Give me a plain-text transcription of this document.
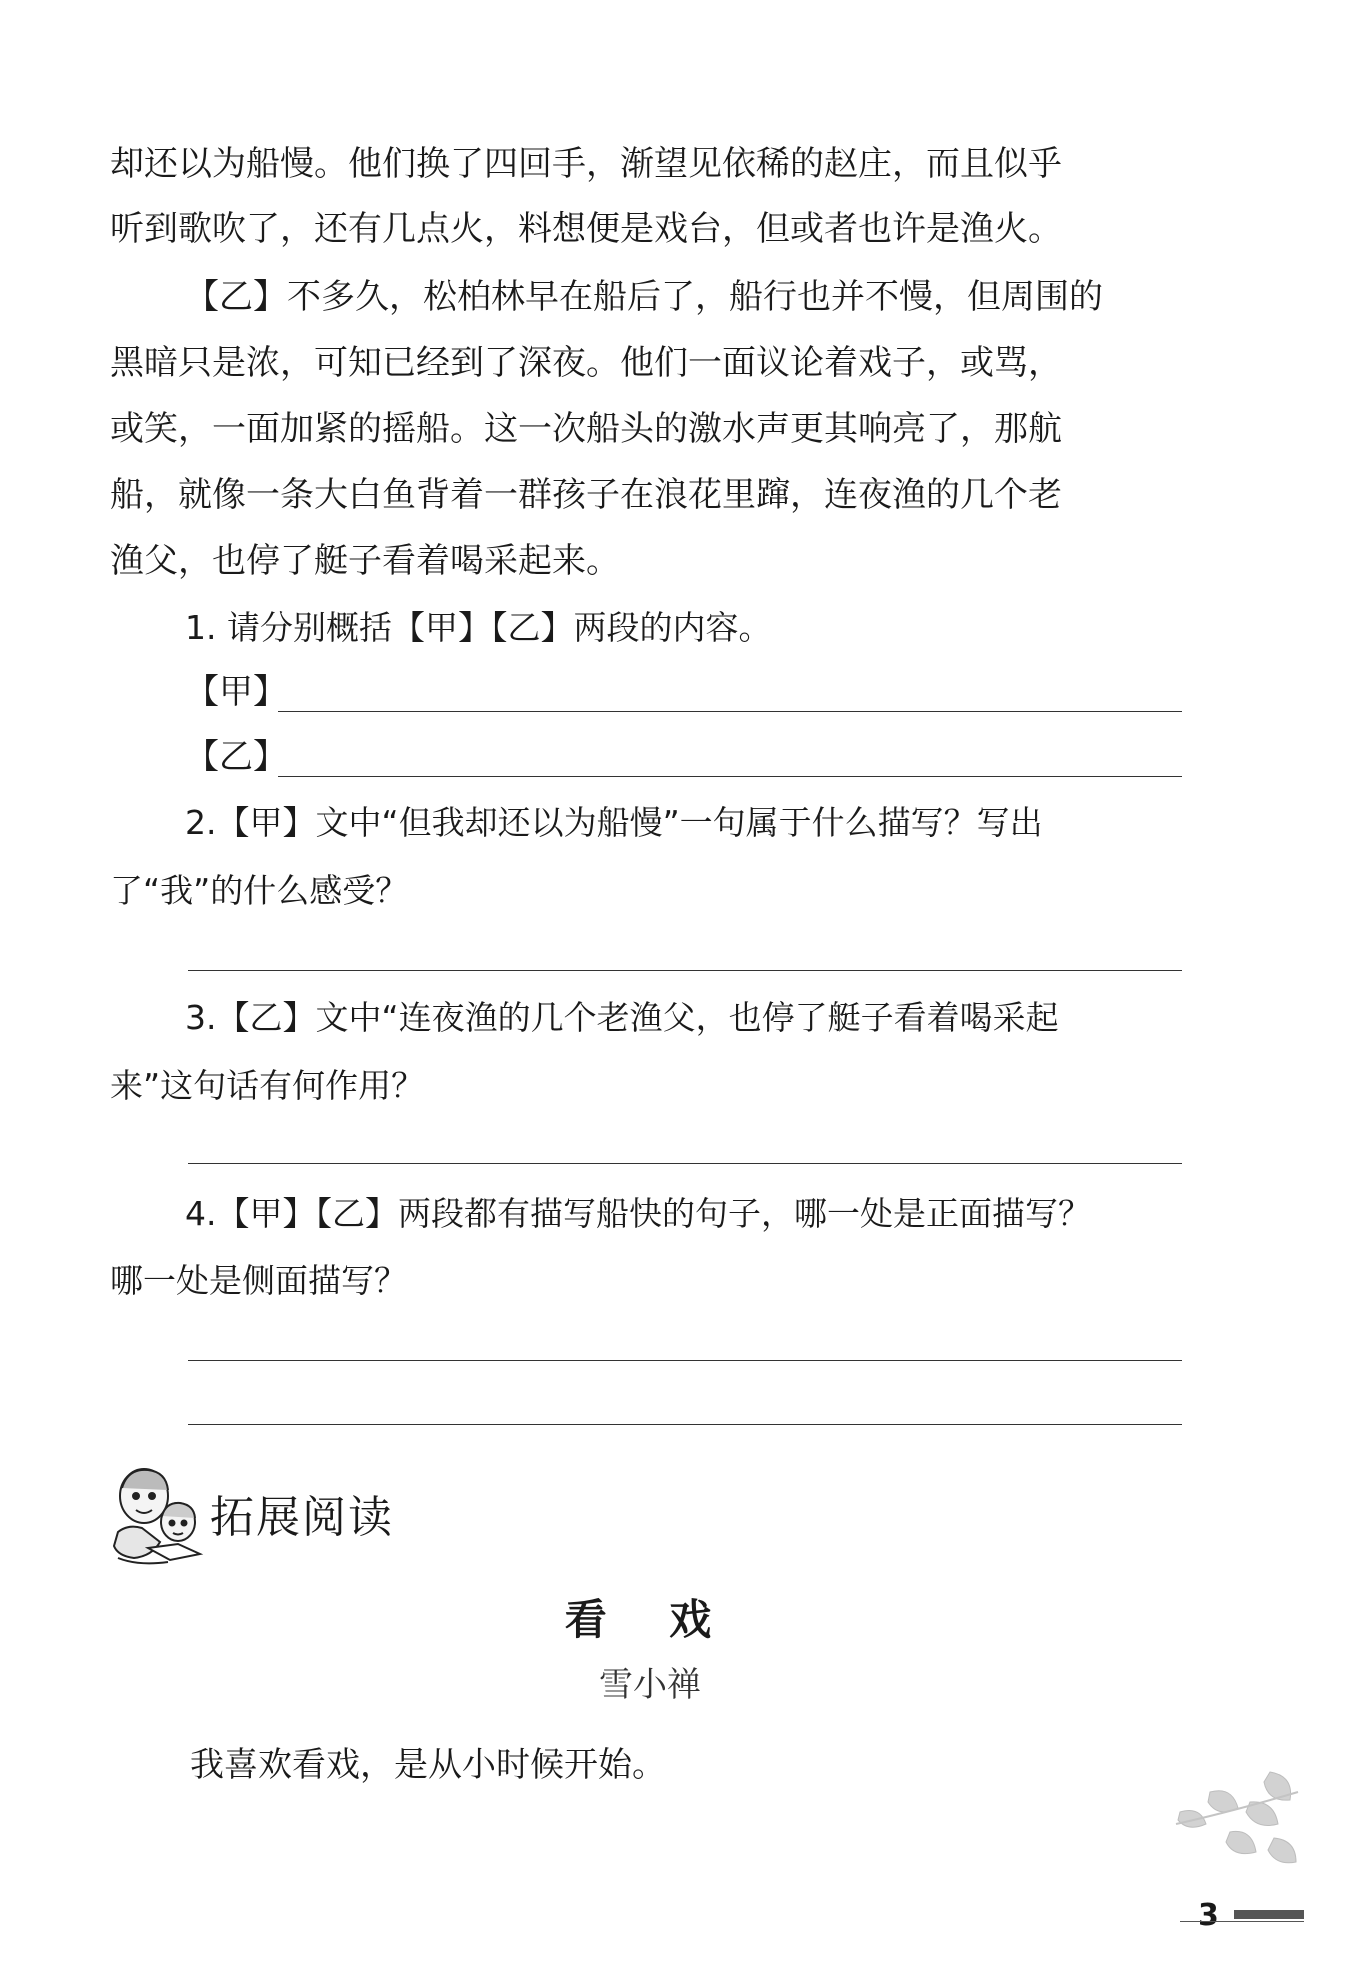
却还以为船慢。他们换了四回手，渐望见依稀的赵庄，而且似乎
听到歌吹了，还有几点火，料想便是戏台，但或者也许是渔火。
【乙】不多久，松柏林早在船后了，船行也并不慢，但周围的
黑暗只是浓，可知已经到了深夜。他们一面议论着戏子，或骂，
或笑，一面加紧的摇船。这一次船头的激水声更其响亮了，那航
船，就像一条大白鱼背着一群孩子在浪花里蹿，连夜渔的几个老
渔父，也停了艇子看着喝采起来。
1. 请分别概括【甲】【乙】两段的内容。
【甲】
【乙】
2.【甲】文中“但我却还以为船慢”一句属于什么描写？写出
了“我”的什么感受？
3.【乙】文中“连夜渔的几个老渔父，也停了艇子看着喝采起
来”这句话有何作用？
4.【甲】【乙】两段都有描写船快的句子，哪一处是正面描写？
哪一处是侧面描写？
拓展阅读
看 戏
雪小禅
我喜欢看戏，是从小时候开始。
3
